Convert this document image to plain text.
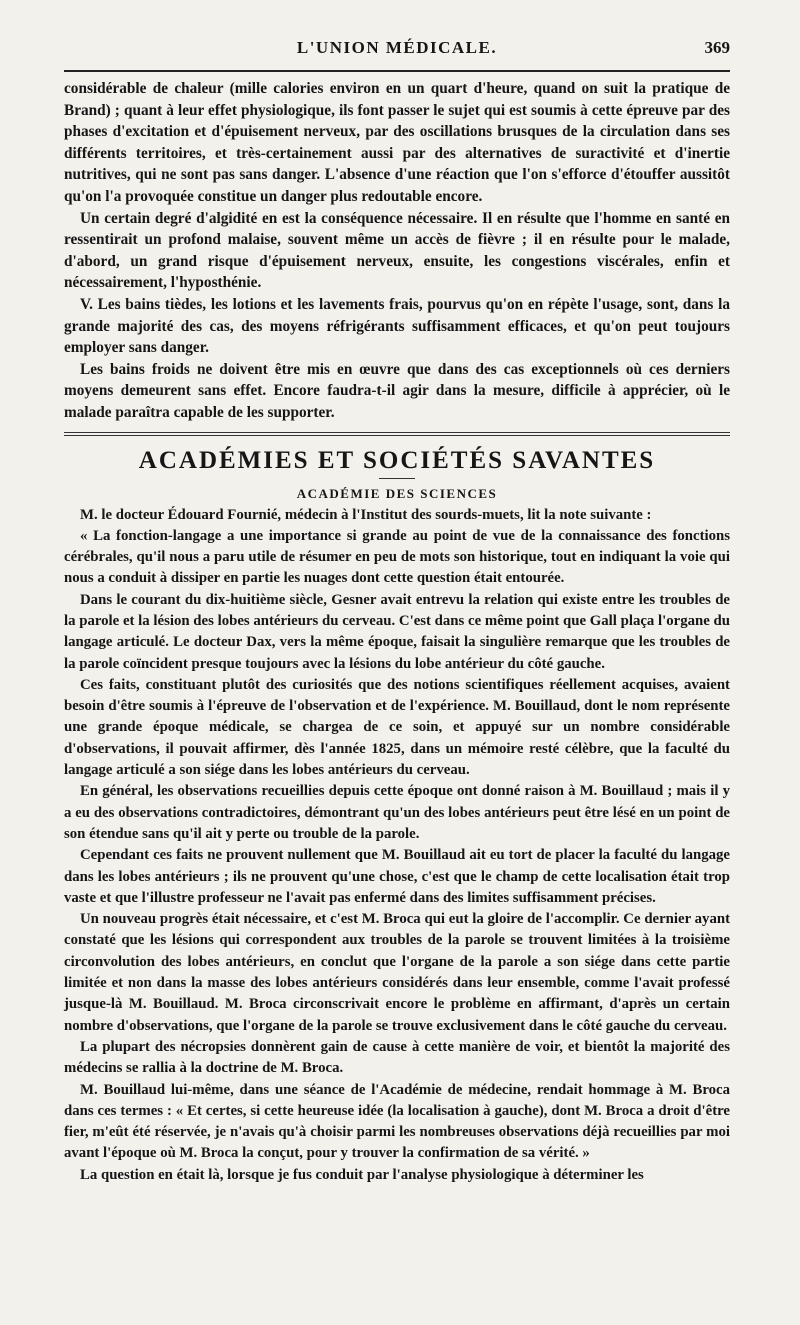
L'UNION MÉDICALE.	369

considérable de chaleur (mille calories environ en un quart d'heure, quand on suit la pratique de Brand) ; quant à leur effet physiologique, ils font passer le sujet qui est soumis à cette épreuve par des phases d'excitation et d'épuisement nerveux, par des oscillations brusques de la circulation dans ses différents territoires, et très-certainement aussi par des alternatives de suractivité et d'inertie nutritives, qui ne sont pas sans danger. L'absence d'une réaction que l'on s'efforce d'étouffer aussitôt qu'on l'a provoquée constitue un danger plus redoutable encore.

Un certain degré d'algidité en est la conséquence nécessaire. Il en résulte que l'homme en santé en ressentirait un profond malaise, souvent même un accès de fièvre ; il en résulte pour le malade, d'abord, un grand risque d'épuisement nerveux, ensuite, les congestions viscérales, enfin et nécessairement, l'hyposthénie.

V. Les bains tièdes, les lotions et les lavements frais, pourvus qu'on en répète l'usage, sont, dans la grande majorité des cas, des moyens réfrigérants suffisamment efficaces, et qu'on peut toujours employer sans danger.

Les bains froids ne doivent être mis en œuvre que dans des cas exceptionnels où ces derniers moyens demeurent sans effet. Encore faudra-t-il agir dans la mesure, difficile à apprécier, où le malade paraîtra capable de les supporter.

ACADÉMIES ET SOCIÉTÉS SAVANTES
ACADÉMIE DES SCIENCES

M. le docteur Édouard Fournié, médecin à l'Institut des sourds-muets, lit la note suivante :

« La fonction-langage a une importance si grande au point de vue de la connaissance des fonctions cérébrales, qu'il nous a paru utile de résumer en peu de mots son historique, tout en indiquant la voie qui nous a conduit à dissiper en partie les nuages dont cette question était entourée.

Dans le courant du dix-huitième siècle, Gesner avait entrevu la relation qui existe entre les troubles de la parole et la lésion des lobes antérieurs du cerveau. C'est dans ce même point que Gall plaça l'organe du langage articulé. Le docteur Dax, vers la même époque, faisait la singulière remarque que les troubles de la parole coïncident presque toujours avec la lésions du lobe antérieur du côté gauche.

Ces faits, constituant plutôt des curiosités que des notions scientifiques réellement acquises, avaient besoin d'être soumis à l'épreuve de l'observation et de l'expérience. M. Bouillaud, dont le nom représente une grande époque médicale, se chargea de ce soin, et appuyé sur un nombre considérable d'observations, il pouvait affirmer, dès l'année 1825, dans un mémoire resté célèbre, que la faculté du langage articulé a son siége dans les lobes antérieurs du cerveau.

En général, les observations recueillies depuis cette époque ont donné raison à M. Bouillaud ; mais il y a eu des observations contradictoires, démontrant qu'un des lobes antérieurs peut être lésé en un point de son étendue sans qu'il ait y perte ou trouble de la parole.

Cependant ces faits ne prouvent nullement que M. Bouillaud ait eu tort de placer la faculté du langage dans les lobes antérieurs ; ils ne prouvent qu'une chose, c'est que le champ de cette localisation était trop vaste et que l'illustre professeur ne l'avait pas enfermé dans des limites suffisamment précises.

Un nouveau progrès était nécessaire, et c'est M. Broca qui eut la gloire de l'accomplir. Ce dernier ayant constaté que les lésions qui correspondent aux troubles de la parole se trouvent limitées à la troisième circonvolution des lobes antérieurs, en conclut que l'organe de la parole a son siége dans cette partie limitée et non dans la masse des lobes antérieurs considérés dans leur ensemble, comme l'avait professé jusque-là M. Bouillaud. M. Broca circonscrivait encore le problème en affirmant, d'après un certain nombre d'observations, que l'organe de la parole se trouve exclusivement dans le côté gauche du cerveau.

La plupart des nécropsies donnèrent gain de cause à cette manière de voir, et bientôt la majorité des médecins se rallia à la doctrine de M. Broca.

M. Bouillaud lui-même, dans une séance de l'Académie de médecine, rendait hommage à M. Broca dans ces termes : « Et certes, si cette heureuse idée (la localisation à gauche), dont M. Broca a droit d'être fier, m'eût été réservée, je n'avais qu'à choisir parmi les nombreuses observations déjà recueillies par moi avant l'époque où M. Broca la conçut, pour y trouver la confirmation de sa vérité. »

La question en était là, lorsque je fus conduit par l'analyse physiologique à déterminer les
